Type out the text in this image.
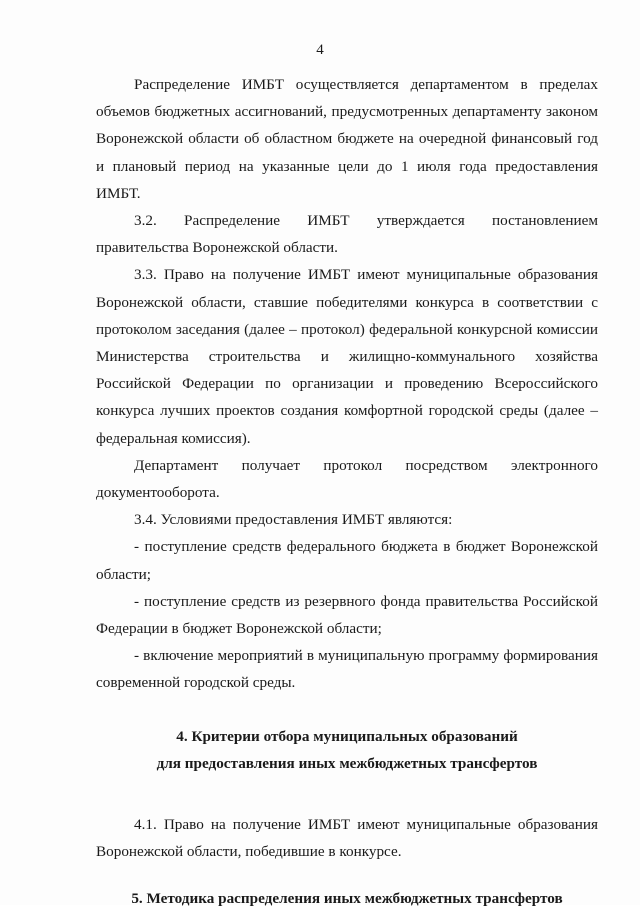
4

Распределение ИМБТ осуществляется департаментом в пределах объемов бюджетных ассигнований, предусмотренных департаменту законом Воронежской области об областном бюджете на очередной финансовый год и плановый период на указанные цели до 1 июля года предоставления ИМБТ.

3.2. Распределение ИМБТ утверждается постановлением правительства Воронежской области.

3.3. Право на получение ИМБТ имеют муниципальные образования Воронежской области, ставшие победителями конкурса в соответствии с протоколом заседания (далее – протокол) федеральной конкурсной комиссии Министерства строительства и жилищно-коммунального хозяйства Российской Федерации по организации и проведению Всероссийского конкурса лучших проектов создания комфортной городской среды (далее – федеральная комиссия).

Департамент получает протокол посредством электронного документооборота.

3.4. Условиями предоставления ИМБТ являются:

- поступление средств федерального бюджета в бюджет Воронежской области;

- поступление средств из резервного фонда правительства Российской Федерации в бюджет Воронежской области;

- включение мероприятий в муниципальную программу формирования современной городской среды.

4. Критерии отбора муниципальных образований

для предоставления иных межбюджетных трансфертов

4.1. Право на получение ИМБТ имеют муниципальные образования Воронежской области, победившие в конкурсе.

5. Методика распределения иных межбюджетных трансфертов
